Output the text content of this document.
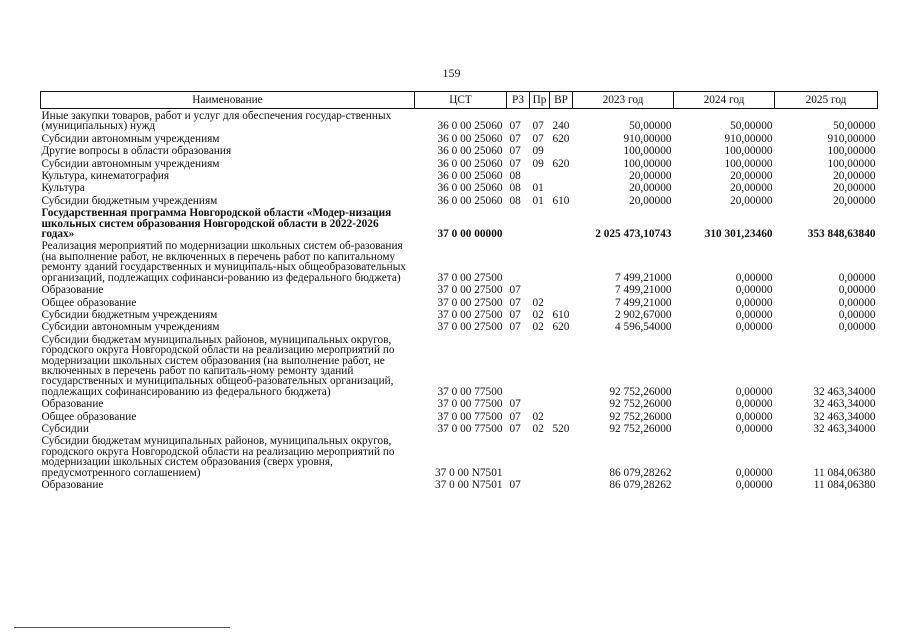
159
Наименование	ЦСТ	РЗ	Пр	ВР	2023 год	2024 год	2025 год
Иные закупки товаров, работ и услуг для обеспечения государ-ственных (муниципальных) нужд	36 0 00 25060	07	07	240	50,00000	50,00000	50,00000
Субсидии автономным учреждениям	36 0 00 25060	07	07	620	910,00000	910,00000	910,00000
Другие вопросы в области образования	36 0 00 25060	07	09		100,00000	100,00000	100,00000
Субсидии автономным учреждениям	36 0 00 25060	07	09	620	100,00000	100,00000	100,00000
Культура, кинематография	36 0 00 25060	08			20,00000	20,00000	20,00000
Культура	36 0 00 25060	08	01		20,00000	20,00000	20,00000
Субсидии бюджетным учреждениям	36 0 00 25060	08	01	610	20,00000	20,00000	20,00000
Государственная программа Новгородской области «Модер-низация школьных систем образования Новгородской области в 2022-2026 годах»	37 0 00 00000				2 025 473,10743	310 301,23460	353 848,63840
Реализация мероприятий по модернизации школьных систем об-разования (на выполнение работ, не включенных в перечень работ по капитальному ремонту зданий государственных и муниципаль-ных общеобразовательных организаций, подлежащих софинанси-рованию из федерального бюджета)	37 0 00 27500				7 499,21000	0,00000	0,00000
Образование	37 0 00 27500	07			7 499,21000	0,00000	0,00000
Общее образование	37 0 00 27500	07	02		7 499,21000	0,00000	0,00000
Субсидии бюджетным учреждениям	37 0 00 27500	07	02	610	2 902,67000	0,00000	0,00000
Субсидии автономным учреждениям	37 0 00 27500	07	02	620	4 596,54000	0,00000	0,00000
Субсидии бюджетам муниципальных районов, муниципальных округов, городского округа Новгородской области на реализацию мероприятий по модернизации школьных систем образования (на выполнение работ, не включенных в перечень работ по капиталь-ному ремонту зданий государственных и муниципальных общеоб-разовательных организаций, подлежащих софинансированию из федерального бюджета)	37 0 00 77500				92 752,26000	0,00000	32 463,34000
Образование	37 0 00 77500	07			92 752,26000	0,00000	32 463,34000
Общее образование	37 0 00 77500	07	02		92 752,26000	0,00000	32 463,34000
Субсидии	37 0 00 77500	07	02	520	92 752,26000	0,00000	32 463,34000
Субсидии бюджетам муниципальных районов, муниципальных округов, городского округа Новгородской области на реализацию мероприятий по модернизации школьных систем образования (сверх уровня, предусмотренного соглашением)	37 0 00 N7501				86 079,28262	0,00000	11 084,06380
Образование	37 0 00 N7501	07			86 079,28262	0,00000	11 084,06380
